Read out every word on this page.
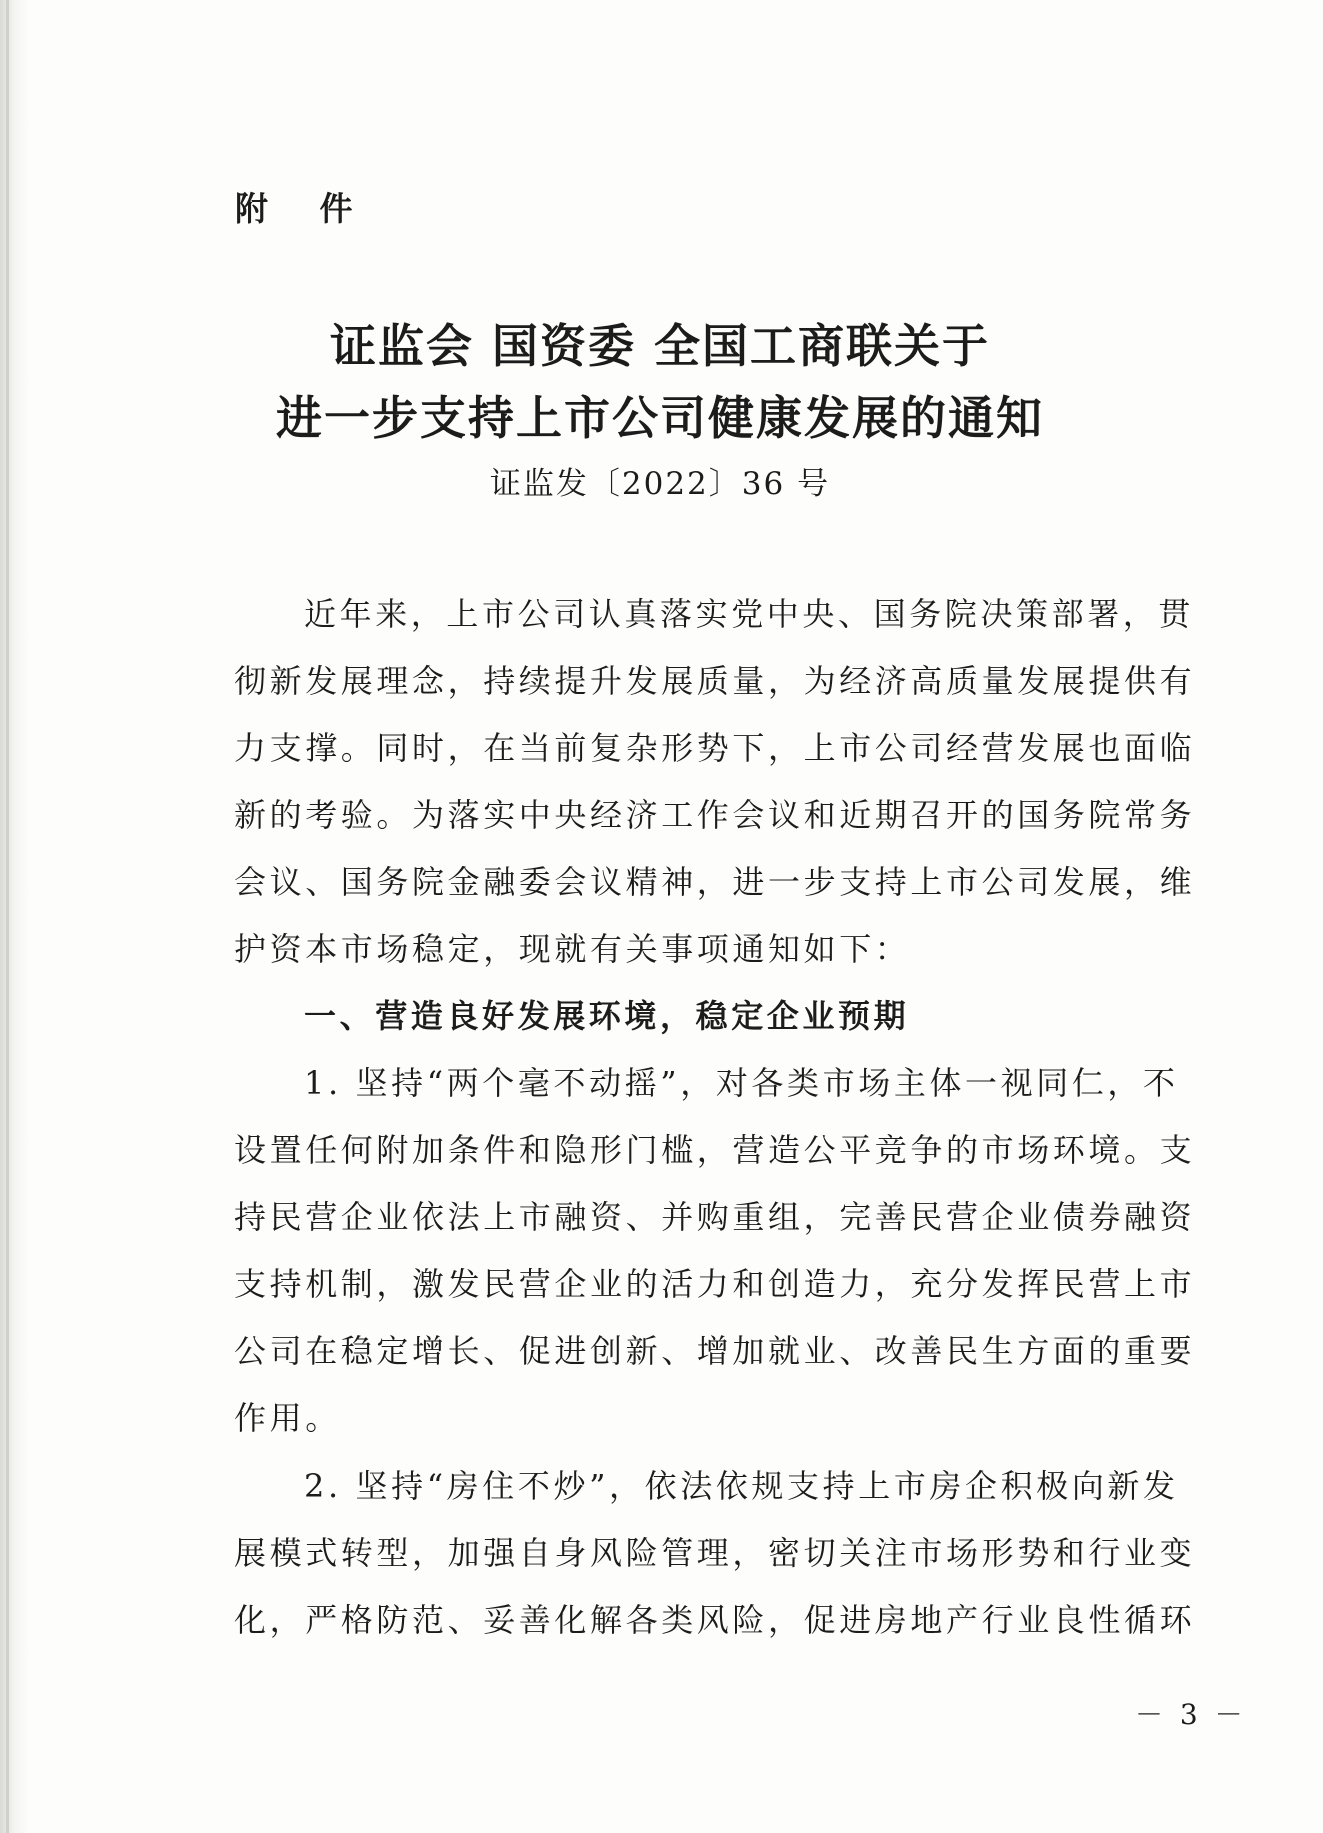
附 件
证监会 国资委 全国工商联关于
进一步支持上市公司健康发展的通知
证监发〔2022〕36 号
近年来，上市公司认真落实党中央、国务院决策部署，贯
彻新发展理念，持续提升发展质量，为经济高质量发展提供有
力支撑。同时，在当前复杂形势下，上市公司经营发展也面临
新的考验。为落实中央经济工作会议和近期召开的国务院常务
会议、国务院金融委会议精神，进一步支持上市公司发展，维
护资本市场稳定，现就有关事项通知如下：
一、营造良好发展环境，稳定企业预期
1. 坚持“两个毫不动摇”，对各类市场主体一视同仁，不
设置任何附加条件和隐形门槛，营造公平竞争的市场环境。支
持民营企业依法上市融资、并购重组，完善民营企业债券融资
支持机制，激发民营企业的活力和创造力，充分发挥民营上市
公司在稳定增长、促进创新、增加就业、改善民生方面的重要
作用。
2. 坚持“房住不炒”，依法依规支持上市房企积极向新发
展模式转型，加强自身风险管理，密切关注市场形势和行业变
化，严格防范、妥善化解各类风险，促进房地产行业良性循环
－ 3 －
